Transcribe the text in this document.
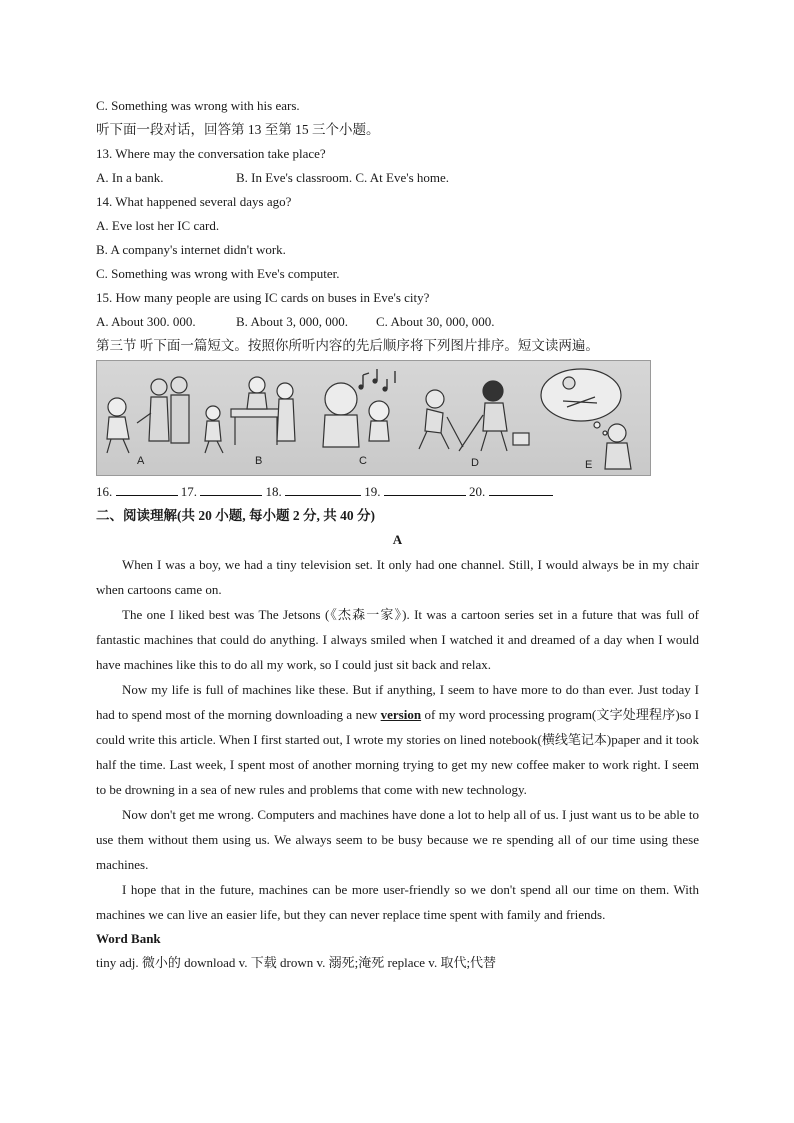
C. Something was wrong with his ears.
听下面一段对话，回答第 13 至第 15 三个小题。
13. Where may the conversation take place?
A. In a bank.	B. In Eve's classroom. C. At Eve's home.
14. What happened several days ago?
A. Eve lost her IC card.
B. A company's internet didn't work.
C. Something was wrong with Eve's computer.
15. How many people are using IC cards on buses in Eve's city?
A. About 300. 000.	B. About 3, 000, 000. C. About 30, 000, 000.
第三节 听下面一篇短文。按照你所听内容的先后顺序将下列图片排序。短文读两遍。
A	B	C	D	E
16.	17.	18.	19.	20.
二、阅读理解(共 20 小题, 每小题 2 分, 共 40 分)
A

When I was a boy, we had a tiny television set. It only had one channel. Still, I would always be in my chair when cartoons came on.

The one I liked best was The Jetsons (《杰森一家》). It was a cartoon series set in a future that was full of fantastic machines that could do anything. I always smiled when I watched it and dreamed of a day when I would have machines like this to do all my work, so I could just sit back and relax.

Now my life is full of machines like these. But if anything, I seem to have more to do than ever. Just today I had to spend most of the morning downloading a new version of my word processing program(文字处理程序)so I could write this article. When I first started out, I wrote my stories on lined notebook(横线笔记本)paper and it took half the time. Last week, I spent most of another morning trying to get my new coffee maker to work right. I seem to be drowning in a sea of new rules and problems that come with new technology.

Now don't get me wrong. Computers and machines have done a lot to help all of us. I just want us to be able to use them without them using us. We always seem to be busy because we re spending all of our time using these machines.

I hope that in the future, machines can be more user-friendly so we don't spend all our time on them. With machines we can live an easier life, but they can never replace time spent with family and friends.

Word Bank
tiny adj. 微小的 download v. 下载 drown v. 溺死;淹死 replace v. 取代;代替
